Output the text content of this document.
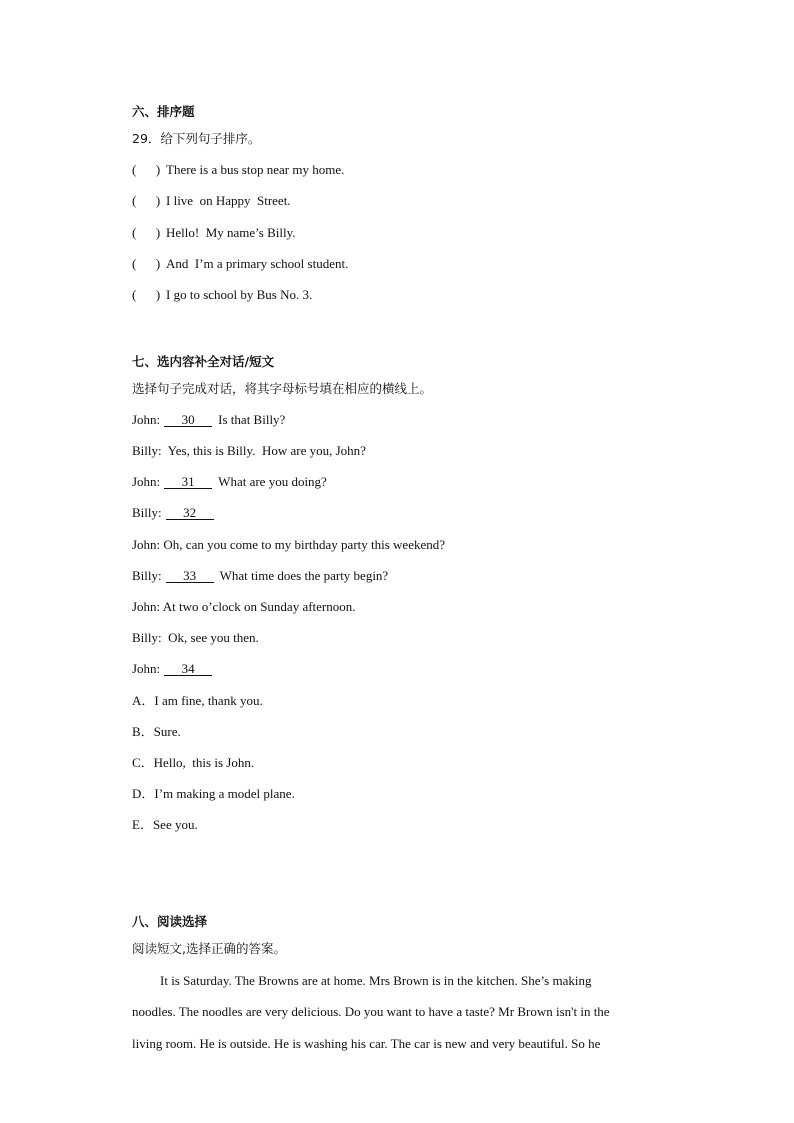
六、排序题
29．给下列句子排序。
(      ) There is a bus stop near my home.
(      ) I live  on Happy  Street.
(      ) Hello!  My name’s Billy.
(      ) And  I’m a primary school student.
(      ) I go to school by Bus No. 3.
七、选内容补全对话/短文
选择句子完成对话，将其字母标号填在相应的横线上。
John: 30 Is that Billy?
Billy: Yes, this is Billy.  How are you, John?
John: 31 What are you doing?
Billy: 32
John: Oh, can you come to my birthday party this weekend?
Billy: 33 What time does the party begin?
John: At two o’clock on Sunday afternoon.
Billy: Ok, see you then.
John: 34
A．I am fine, thank you.
B．Sure.
C．Hello,  this is John.
D．I’m making a model plane.
E．See you.
八、阅读选择
阅读短文,选择正确的答案。
It is Saturday. The Browns are at home. Mrs Brown is in the kitchen. She’s making
noodles. The noodles are very delicious. Do you want to have a taste? Mr Brown isn't in the
living room. He is outside. He is washing his car. The car is new and very beautiful. So he
